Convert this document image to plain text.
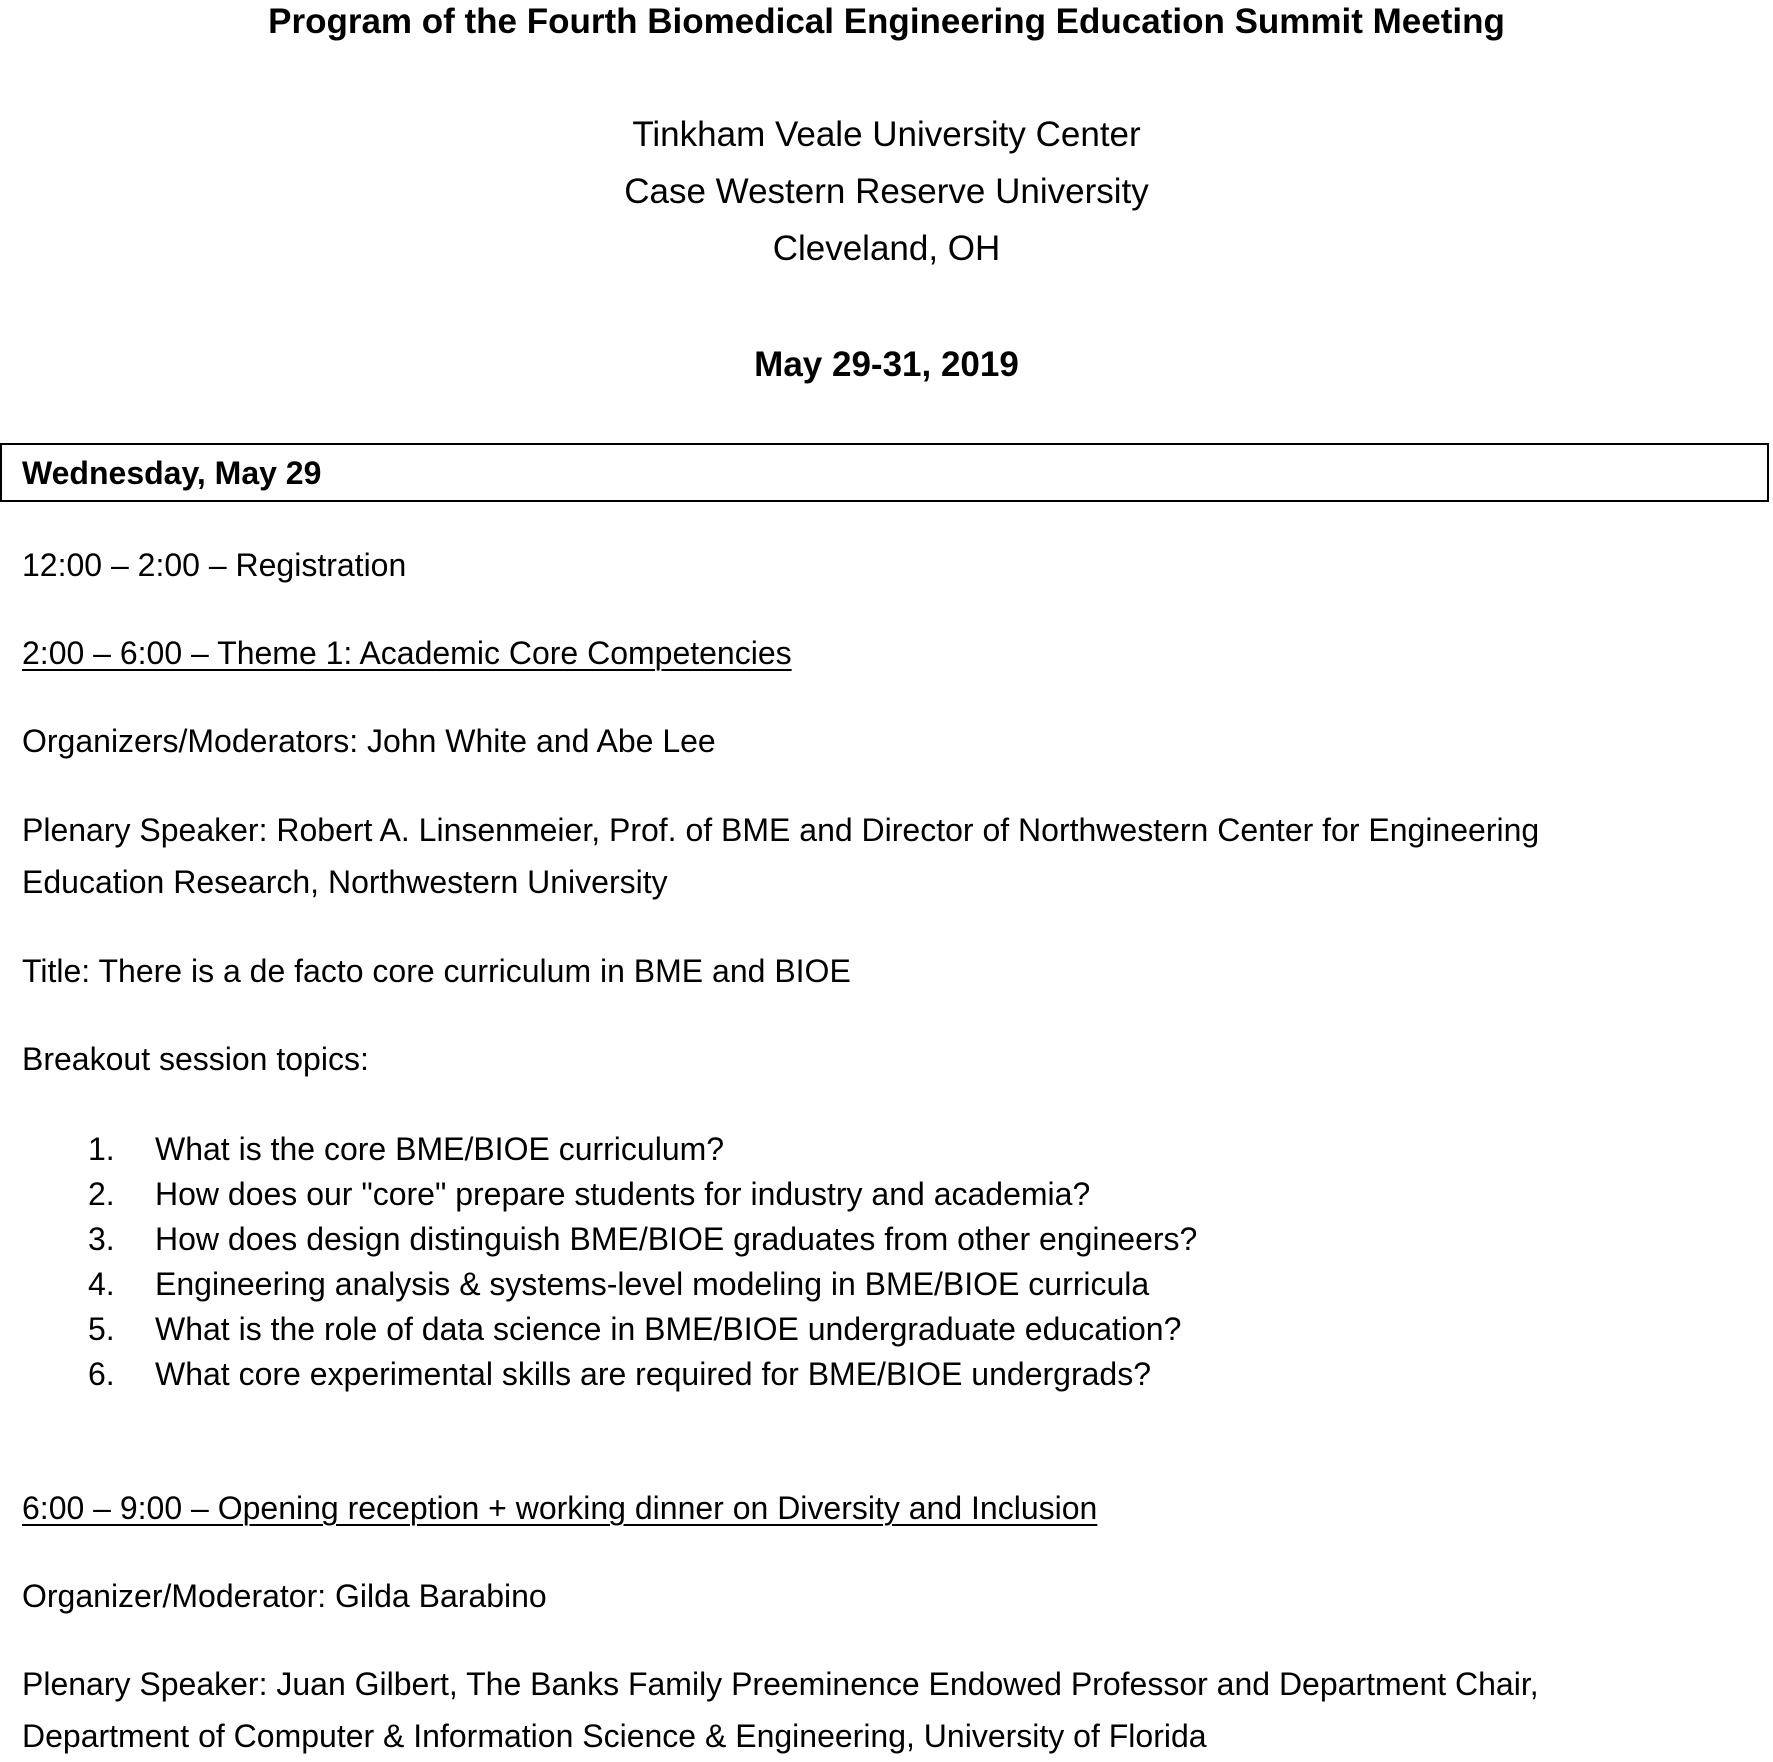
Program of the Fourth Biomedical Engineering Education Summit Meeting

Tinkham Veale University Center

Case Western Reserve University

Cleveland, OH

May 29-31, 2019

Wednesday, May 29

12:00 – 2:00 – Registration

2:00 – 6:00 – Theme 1: Academic Core Competencies

Organizers/Moderators: John White and Abe Lee

Plenary Speaker: Robert A. Linsenmeier, Prof. of BME and Director of Northwestern Center for Engineering

Education Research, Northwestern University

Title: There is a de facto core curriculum in BME and BIOE

Breakout session topics:

1. What is the core BME/BIOE curriculum?
2. How does our "core" prepare students for industry and academia?
3. How does design distinguish BME/BIOE graduates from other engineers?
4. Engineering analysis & systems-level modeling in BME/BIOE curricula
5. What is the role of data science in BME/BIOE undergraduate education?
6. What core experimental skills are required for BME/BIOE undergrads?

6:00 – 9:00 – Opening reception + working dinner on Diversity and Inclusion

Organizer/Moderator: Gilda Barabino

Plenary Speaker: Juan Gilbert, The Banks Family Preeminence Endowed Professor and Department Chair,

Department of Computer & Information Science & Engineering, University of Florida
